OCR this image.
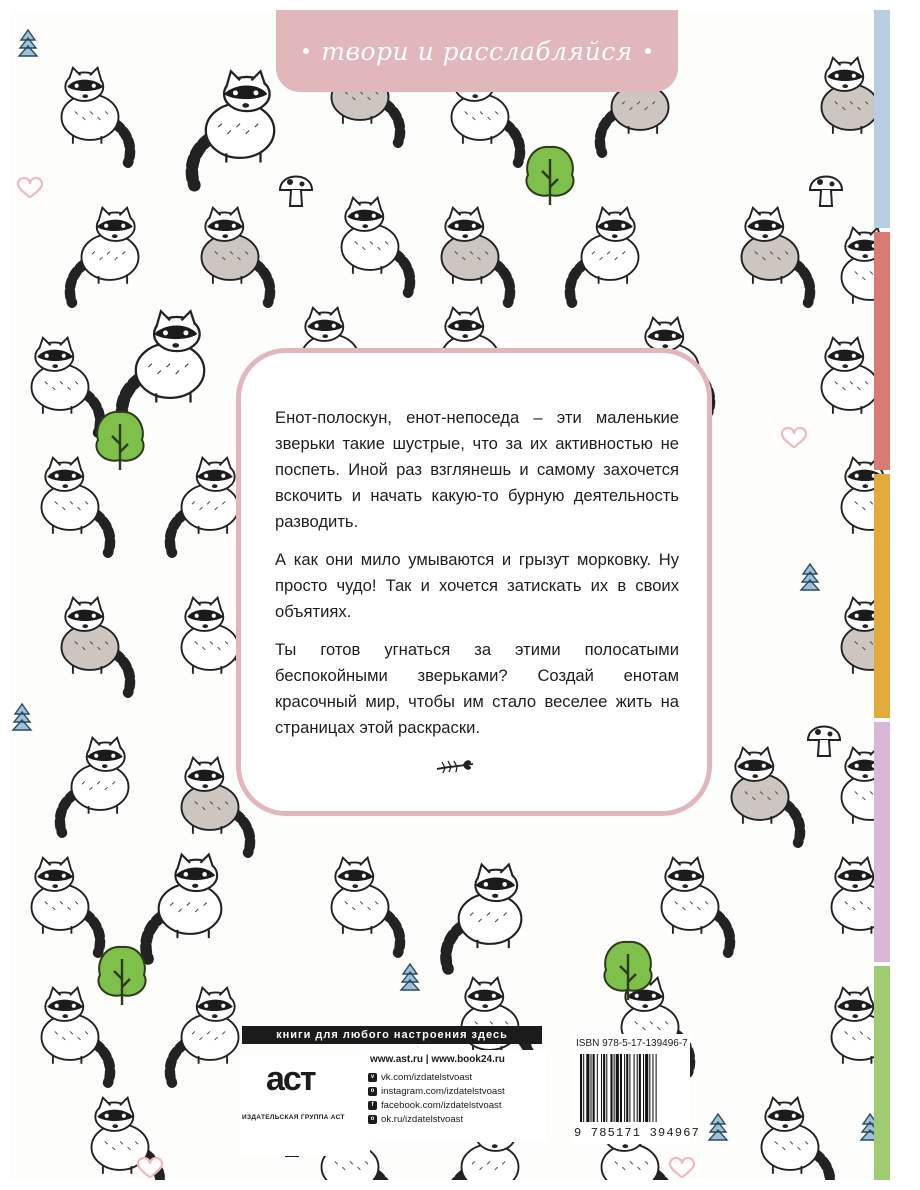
твори и расслабляйся

Енот-полоскун, енот-непоседа – эти маленькие зверьки такие шустрые, что за их активностью не поспеть. Иной раз взглянешь и самому захочется вскочить и начать какую-то бурную деятельность разводить.

А как они мило умываются и грызут морковку. Ну просто чудо! Так и хочется затискать их в своих объятиях.

Ты готов угнаться за этими полосатыми беспокойными зверьками? Создай енотам красочный мир, чтобы им стало веселее жить на страницах этой раскраски.

книги для любого настроения здесь
аст
ИЗДАТЕЛЬСКАЯ ГРУППА АСТ
www.ast.ru | www.book24.ru
v vk.com/izdatelstvoast
o instagram.com/izdatelstvoast
f facebook.com/izdatelstvoast
o ok.ru/izdatelstvoast
ISBN 978-5-17-139496-7
9 785171 394967
